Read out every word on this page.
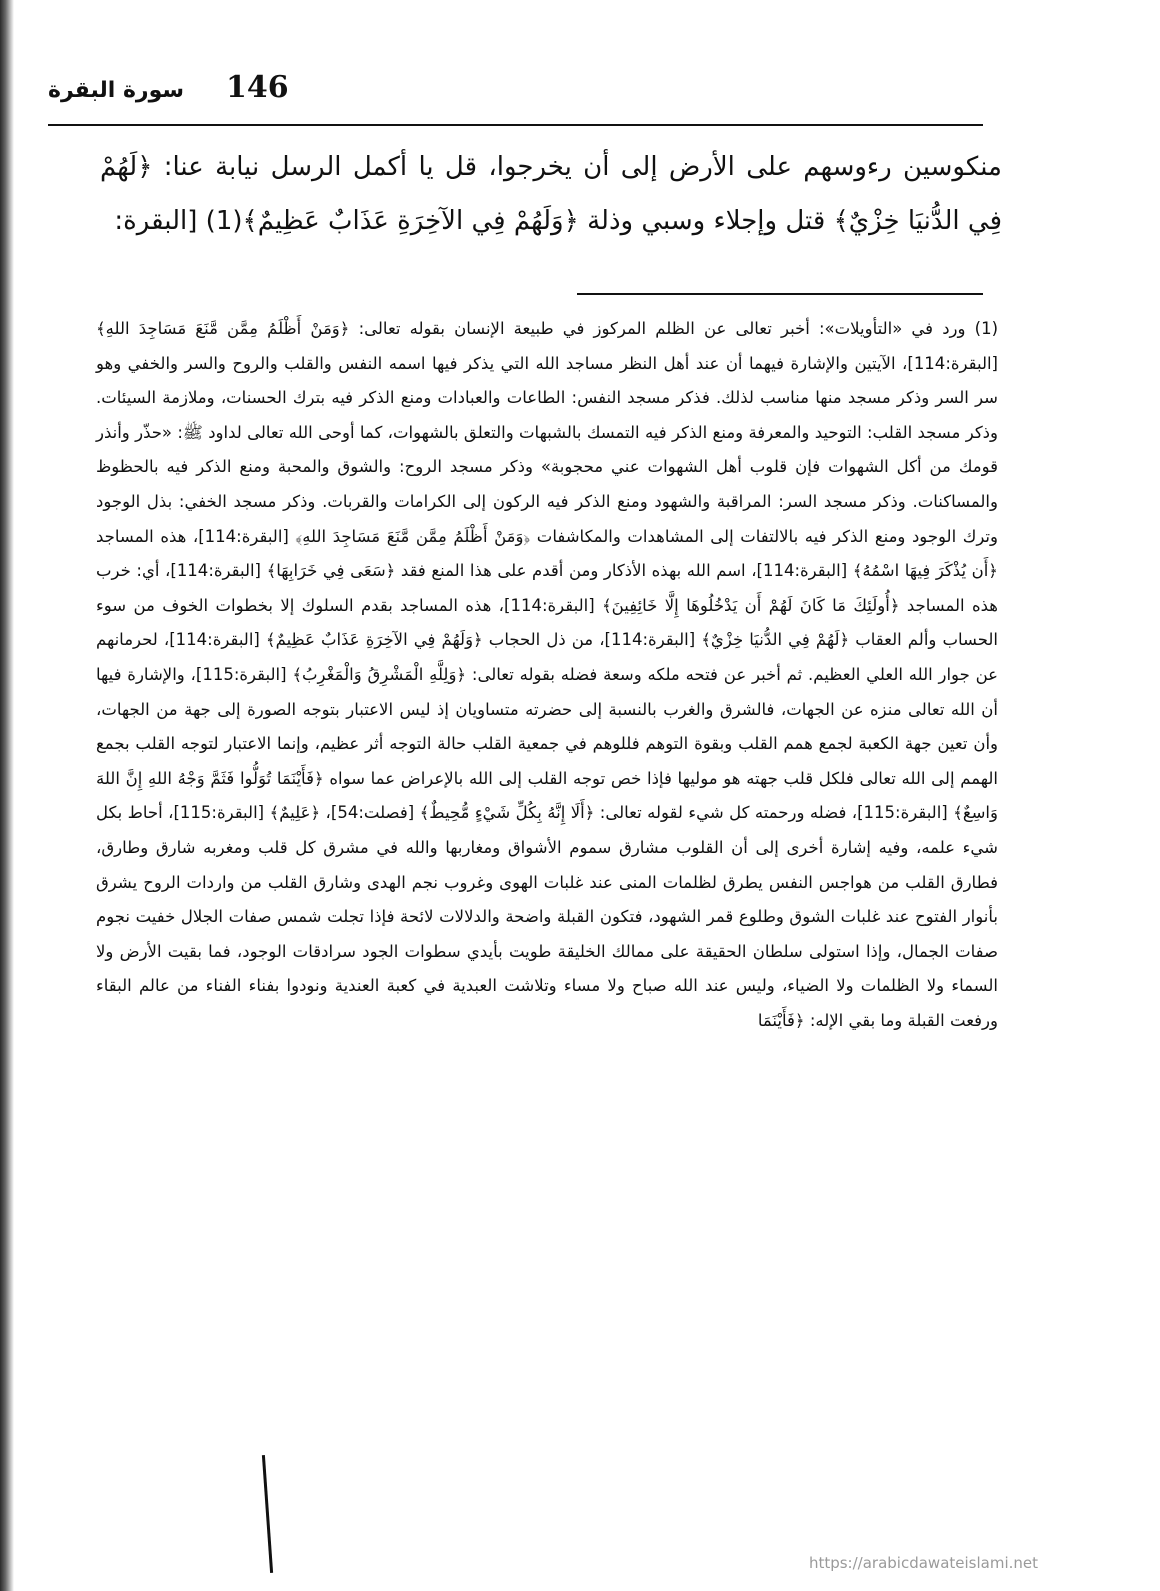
146
سورة البقرة
منكوسين رءوسهم على الأرض إلى أن يخرجوا، قل يا أكمل الرسل نيابة عنا: ﴿لَهُمْ فِي الدُّنيَا خِزْيٌ﴾ قتل وإجلاء وسبي وذلة ﴿وَلَهُمْ فِي الآخِرَةِ عَذَابٌ عَظِيمٌ﴾(1) [البقرة:
(1) ورد في «التأويلات»: أخبر تعالى عن الظلم المركوز في طبيعة الإنسان بقوله تعالى: ﴿وَمَنْ أَظْلَمُ مِمَّن مَّنَعَ مَسَاجِدَ اللهِ﴾ [البقرة:114]، الآيتين والإشارة فيهما أن عند أهل النظر مساجد الله التي يذكر فيها اسمه النفس والقلب والروح والسر والخفي وهو سر السر وذكر مسجد منها مناسب لذلك. فذكر مسجد النفس: الطاعات والعبادات ومنع الذكر فيه بترك الحسنات، وملازمة السيئات. وذكر مسجد القلب: التوحيد والمعرفة ومنع الذكر فيه التمسك بالشبهات والتعلق بالشهوات، كما أوحى الله تعالى لداود ﷺ: «حذّر وأنذر قومك من أكل الشهوات فإن قلوب أهل الشهوات عني محجوبة» وذكر مسجد الروح: والشوق والمحبة ومنع الذكر فيه بالحظوظ والمساكنات. وذكر مسجد السر: المراقبة والشهود ومنع الذكر فيه الركون إلى الكرامات والقربات. وذكر مسجد الخفي: بذل الوجود وترك الوجود ومنع الذكر فيه بالالتفات إلى المشاهدات والمكاشفات ﴿وَمَنْ أَظْلَمُ مِمَّن مَّنَعَ مَسَاجِدَ اللهِ﴾ [البقرة:114]، هذه المساجد ﴿أَن يُذْكَرَ فِيهَا اسْمُهُ﴾ [البقرة:114]، اسم الله بهذه الأذكار ومن أقدم على هذا المنع فقد ﴿سَعَى فِي خَرَابِهَا﴾ [البقرة:114]، أي: خرب هذه المساجد ﴿أُولَئِكَ مَا كَانَ لَهُمْ أَن يَدْخُلُوهَا إِلَّا خَائِفِينَ﴾ [البقرة:114]، هذه المساجد بقدم السلوك إلا بخطوات الخوف من سوء الحساب وألم العقاب ﴿لَهُمْ فِي الدُّنيَا خِزْيٌ﴾ [البقرة:114]، من ذل الحجاب ﴿وَلَهُمْ فِي الآخِرَةِ عَذَابٌ عَظِيمٌ﴾ [البقرة:114]، لحرمانهم عن جوار الله العلي العظيم. ثم أخبر عن فتحه ملكه وسعة فضله بقوله تعالى: ﴿وَلِلَّهِ الْمَشْرِقُ وَالْمَغْرِبُ﴾ [البقرة:115]، والإشارة فيها أن الله تعالى منزه عن الجهات، فالشرق والغرب بالنسبة إلى حضرته متساويان إذ ليس الاعتبار بتوجه الصورة إلى جهة من الجهات، وأن تعين جهة الكعبة لجمع همم القلب وبقوة التوهم فللوهم في جمعية القلب حالة التوجه أثر عظيم، وإنما الاعتبار لتوجه القلب بجمع الهمم إلى الله تعالى فلكل قلب جهته هو موليها فإذا خص توجه القلب إلى الله بالإعراض عما سواه ﴿فَأَيْنَمَا تُوَلُّوا فَثَمَّ وَجْهُ اللهِ إِنَّ اللهَ وَاسِعٌ﴾ [البقرة:115]، فضله ورحمته كل شيء لقوله تعالى: ﴿أَلَا إِنَّهُ بِكُلِّ شَيْءٍ مُّحِيطٌ﴾ [فصلت:54]، ﴿عَلِيمٌ﴾ [البقرة:115]، أحاط بكل شيء علمه، وفيه إشارة أخرى إلى أن القلوب مشارق سموم الأشواق ومغاربها والله في مشرق كل قلب ومغربه شارق وطارق، فطارق القلب من هواجس النفس يطرق لظلمات المنى عند غلبات الهوى وغروب نجم الهدى وشارق القلب من واردات الروح يشرق بأنوار الفتوح عند غلبات الشوق وطلوع قمر الشهود، فتكون القبلة واضحة والدلالات لائحة فإذا تجلت شمس صفات الجلال خفيت نجوم صفات الجمال، وإذا استولى سلطان الحقيقة على ممالك الخليقة طويت بأيدي سطوات الجود سرادقات الوجود، فما بقيت الأرض ولا السماء ولا الظلمات ولا الضياء، وليس عند الله صباح ولا مساء وتلاشت العبدية في كعبة العندية ونودوا بفناء الفناء من عالم البقاء ورفعت القبلة وما بقي الإله: ﴿فَأَيْنَمَا
https://arabicdawateislami.net
